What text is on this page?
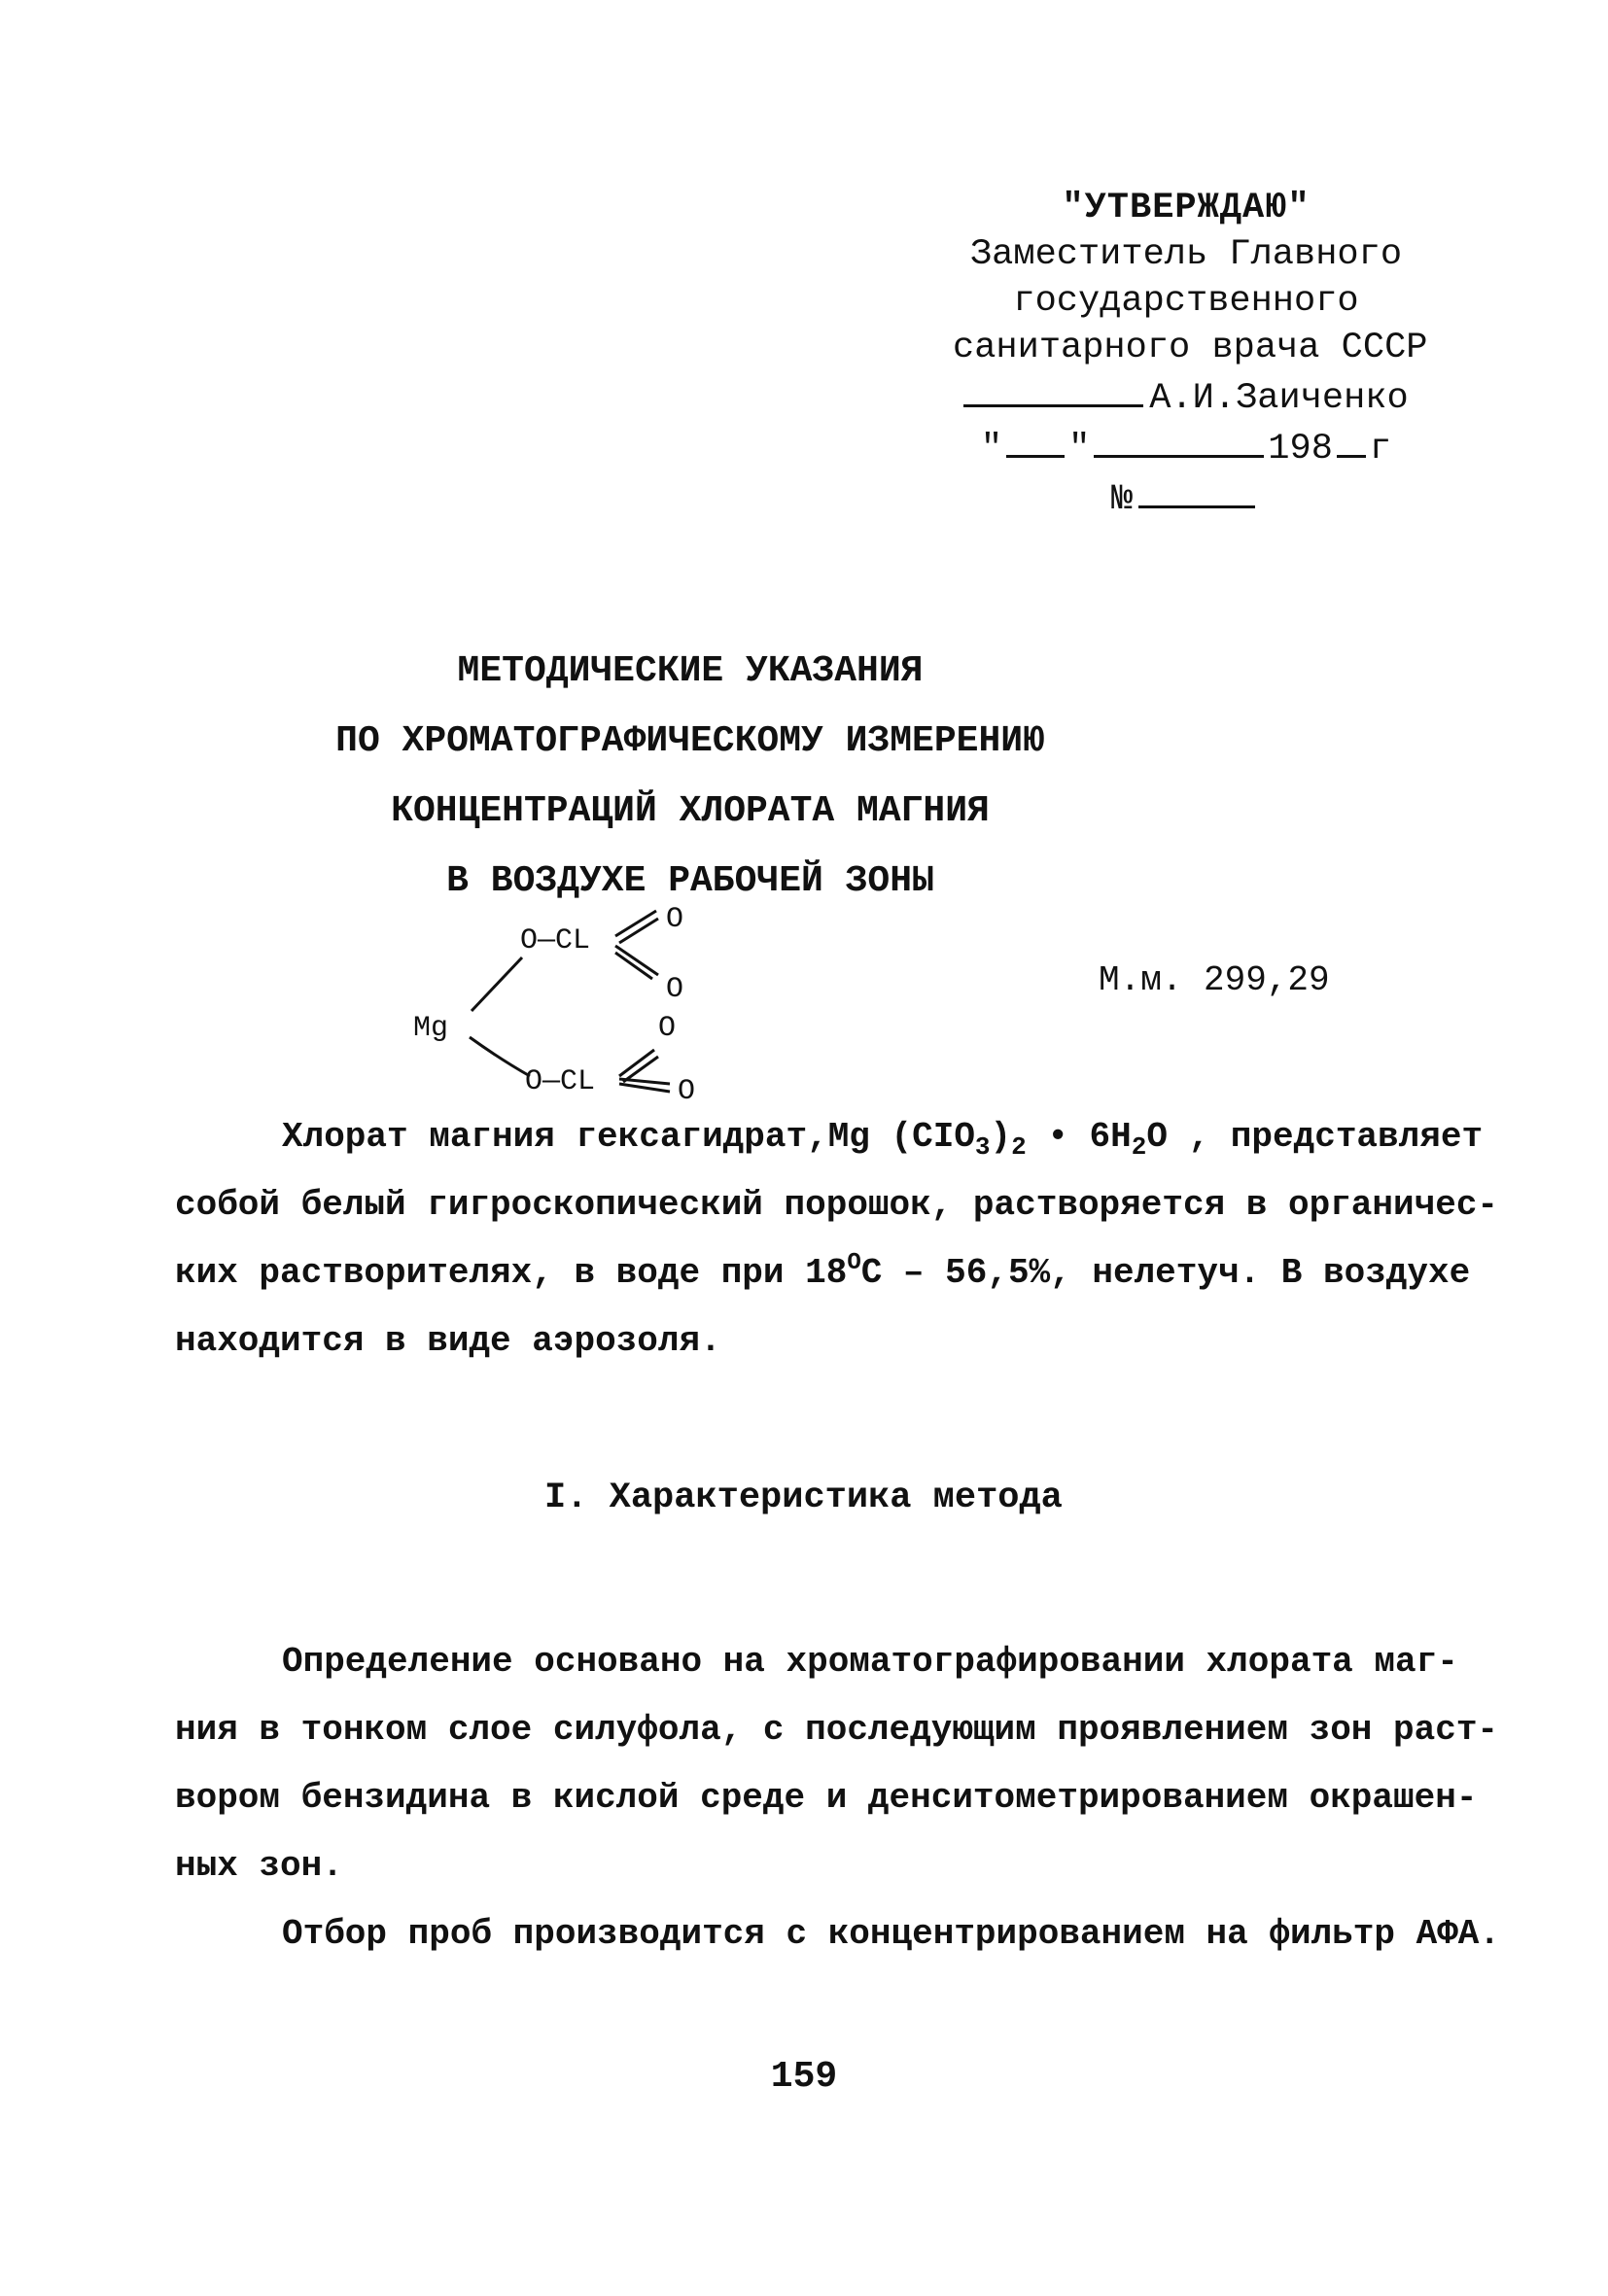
"УТВЕРЖДАЮ"
Заместитель Главного
государственного
санитарного врача СССР
А.И.Заиченко
" "	198 г
№
МЕТОДИЧЕСКИЕ УКАЗАНИЯ
ПО ХРОМАТОГРАФИЧЕСКОМУ ИЗМЕРЕНИЮ
КОНЦЕНТРАЦИЙ ХЛОРАТА МАГНИЯ
В ВОЗДУХЕ РАБОЧЕЙ ЗОНЫ
O—CL
O
O
Mg
O—CL
O
O
М.м. 299,29
Хлорат магния гексагидрат,Mg $(CIO_3)_2$ • $6H_2O$ , представляет
собой белый гигроскопический порошок, растворяется в органичес-
ких растворителях, в воде при $18^OС - 56,5\%$, нелетуч. В воздухе
находится в виде аэрозоля.
I. Характеристика метода
Определение основано на хроматографировании хлората маг-
ния в тонком слое силуфола, с последующим проявлением зон раст-
вором бензидина в кислой среде и денситометрированием окрашен-
ных зон.
Отбор проб производится с концентрированием на фильтр АФА.
159
